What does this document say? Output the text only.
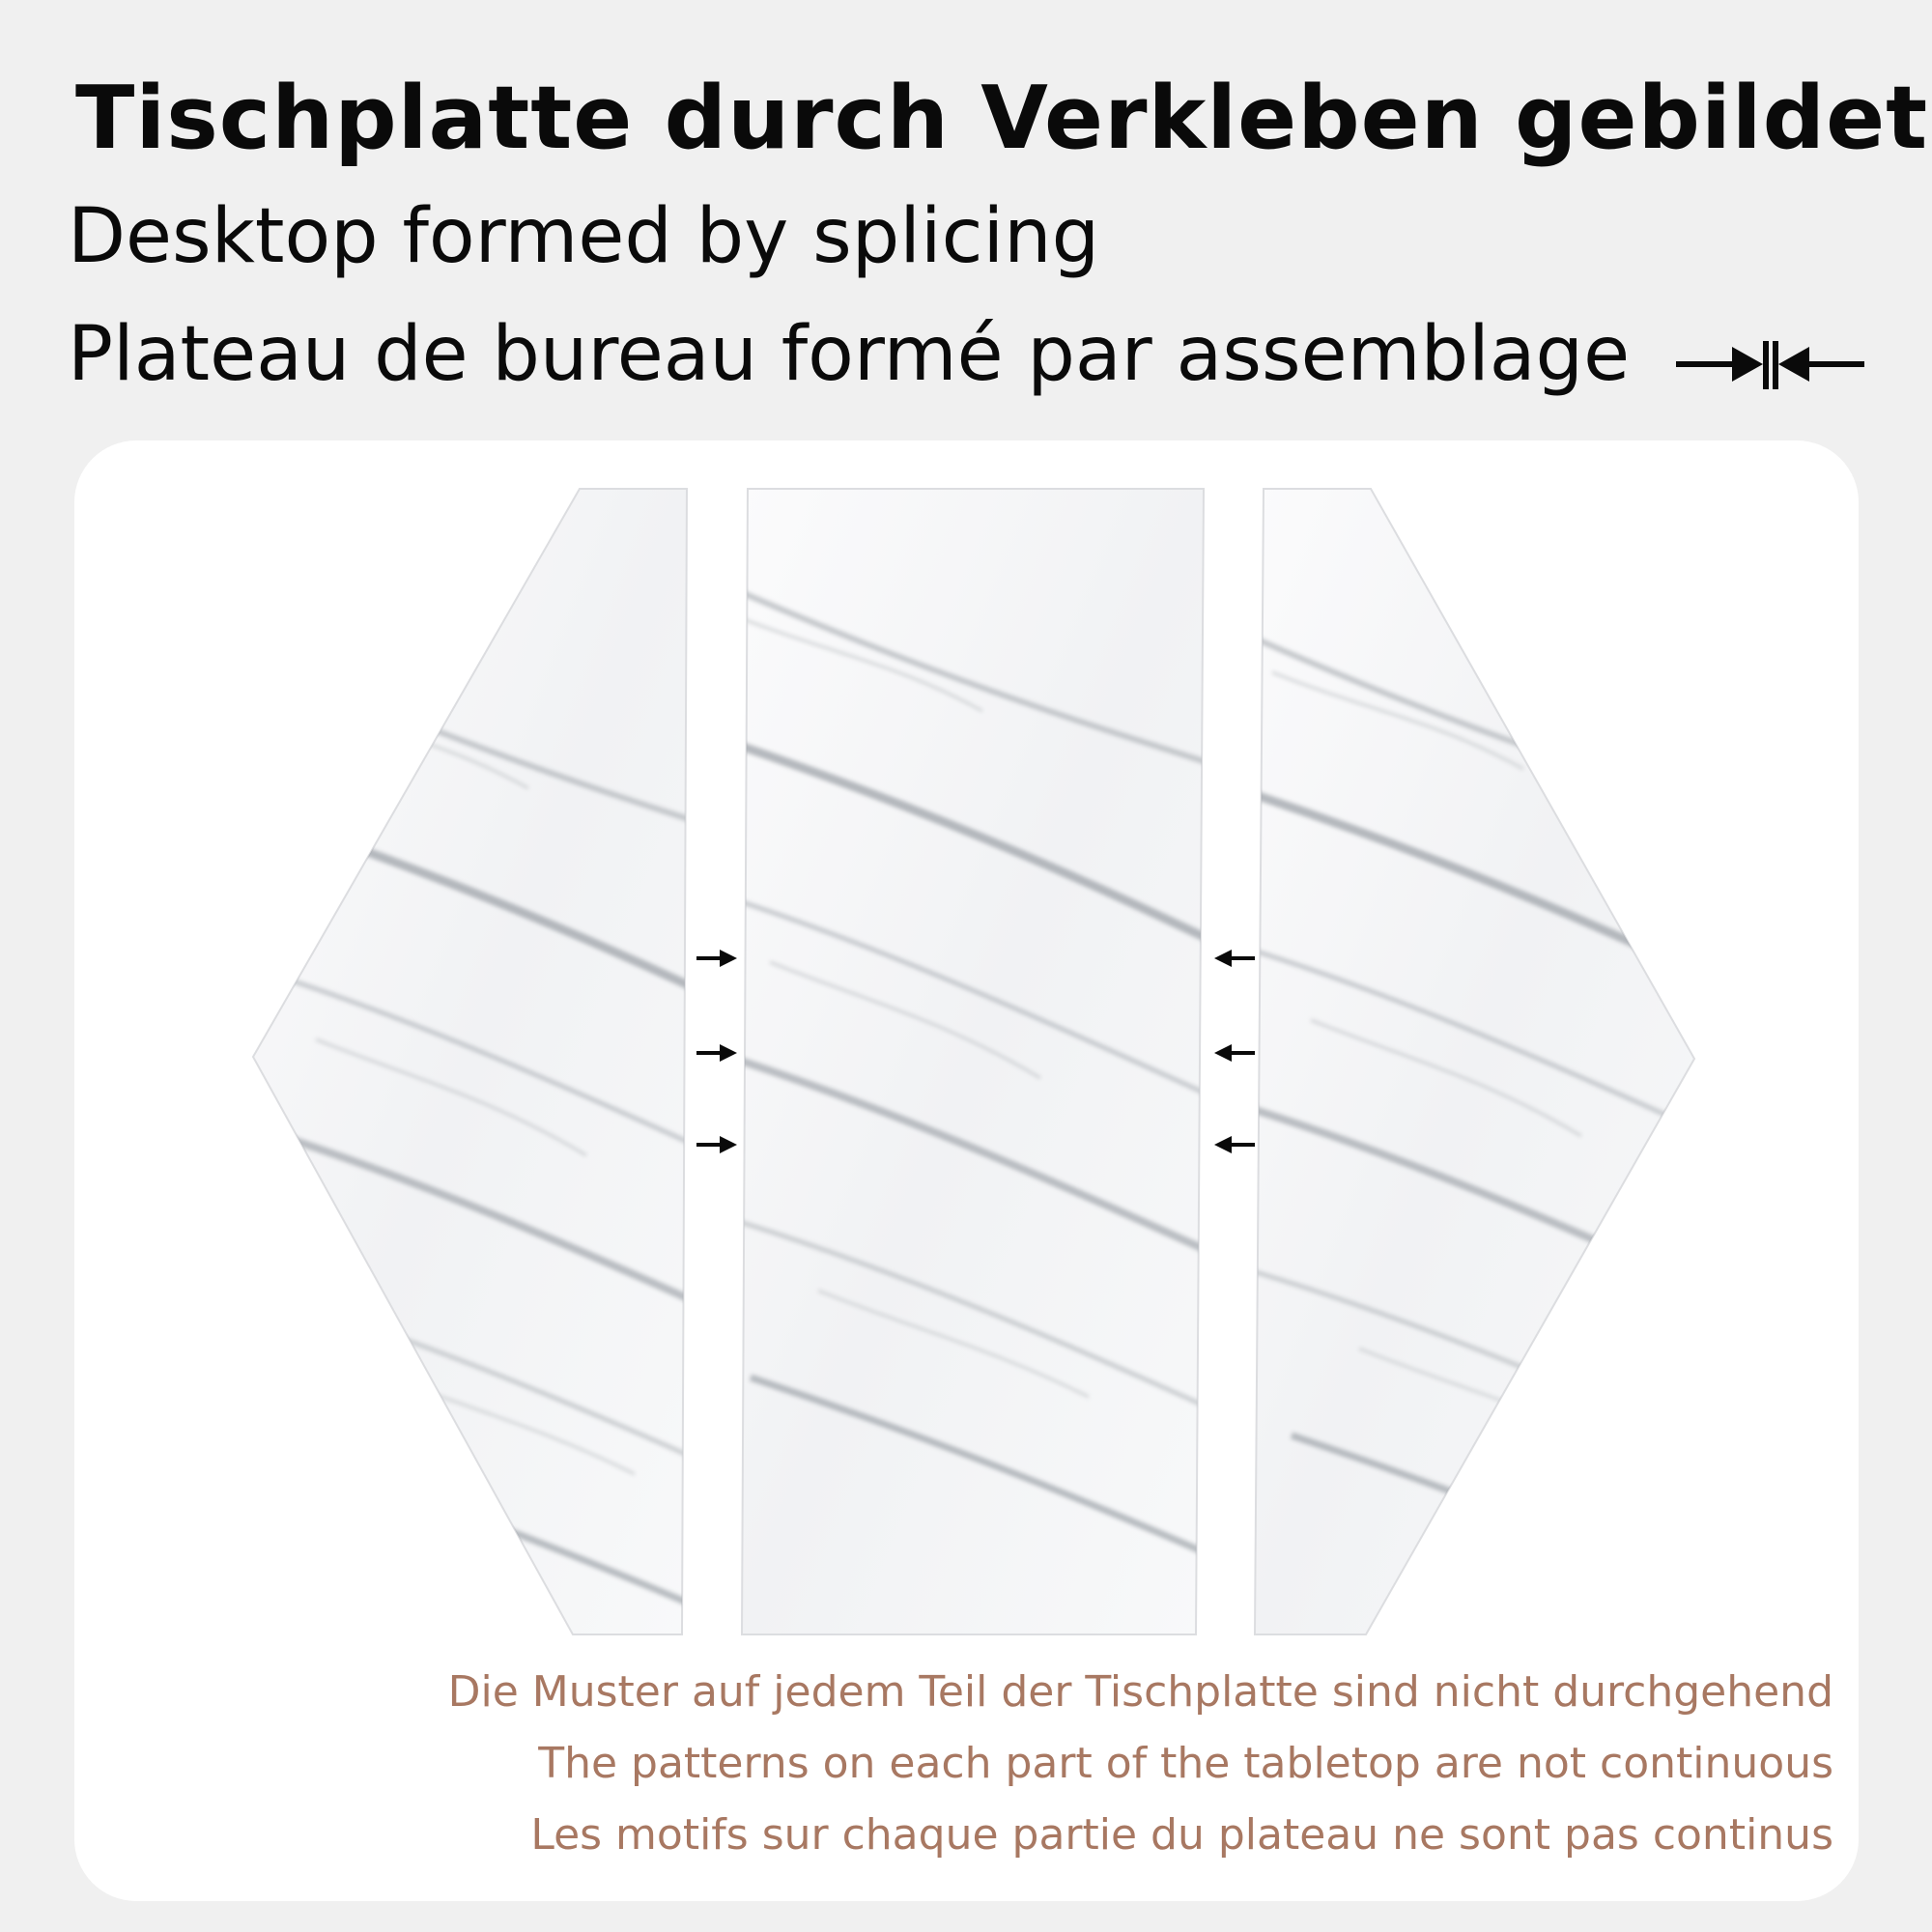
Tischplatte durch Verkleben gebildet
Desktop formed by splicing
Plateau de bureau formé par assemblage

Die Muster auf jedem Teil der Tischplatte sind nicht durchgehend

The patterns on each part of the tabletop are not continuous

Les motifs sur chaque partie du plateau ne sont pas continus
